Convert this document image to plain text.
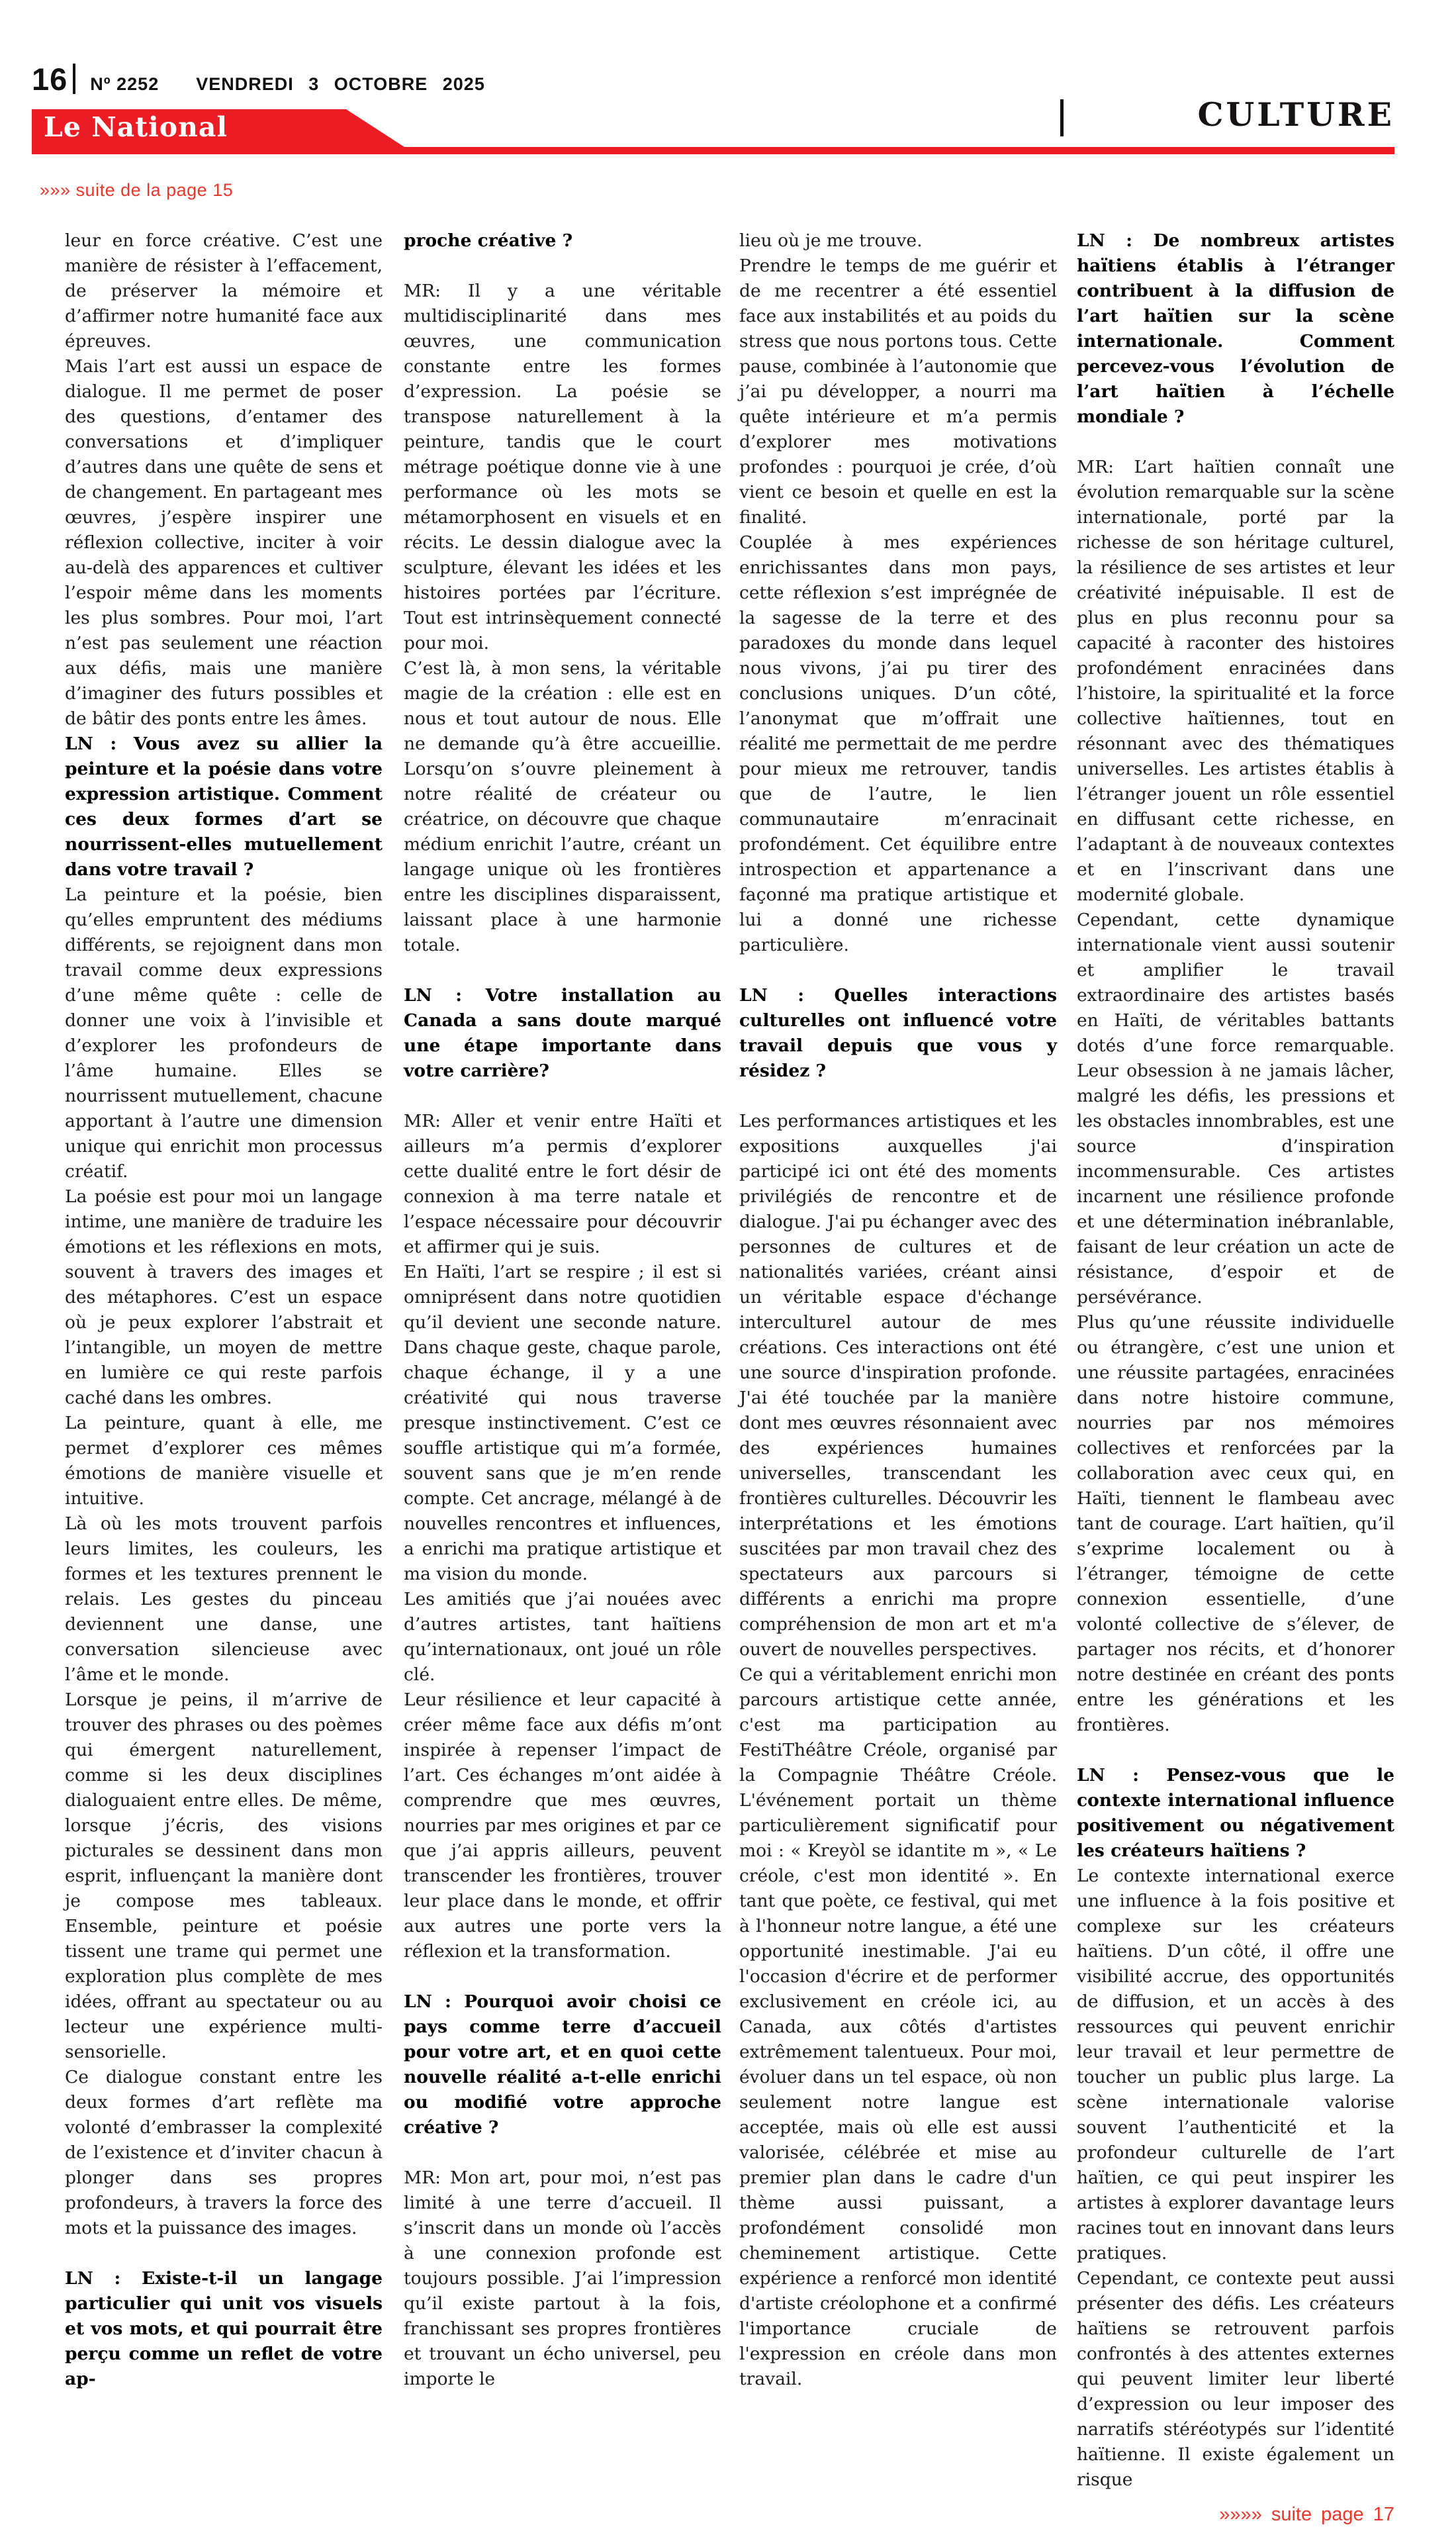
16 Nº 2252 VENDREDI 3 OCTOBRE 2025
CULTURE
Le National
»»» suite de la page 15

leur en force créative. C’est une manière de résister à l’effacement, de préserver la mémoire et d’affirmer notre humanité face aux épreuves.

Mais l’art est aussi un espace de dialogue. Il me permet de poser des questions, d’entamer des conversations et d’impliquer d’autres dans une quête de sens et de changement. En partageant mes œuvres, j’espère inspirer une réflexion collective, inciter à voir au-delà des apparences et cultiver l’espoir même dans les moments les plus sombres. Pour moi, l’art n’est pas seulement une réaction aux défis, mais une manière d’imaginer des futurs possibles et de bâtir des ponts entre les âmes.

LN : Vous avez su allier la peinture et la poésie dans votre expression artistique. Comment ces deux formes d’art se nourrissent-elles mutuellement dans votre travail ?

La peinture et la poésie, bien qu’elles empruntent des médiums différents, se rejoignent dans mon travail comme deux expressions d’une même quête : celle de donner une voix à l’invisible et d’explorer les profondeurs de l’âme humaine. Elles se nourrissent mutuellement, chacune apportant à l’autre une dimension unique qui enrichit mon processus créatif.

La poésie est pour moi un langage intime, une manière de traduire les émotions et les réflexions en mots, souvent à travers des images et des métaphores. C’est un espace où je peux explorer l’abstrait et l’intangible, un moyen de mettre en lumière ce qui reste parfois caché dans les ombres.

La peinture, quant à elle, me permet d’explorer ces mêmes émotions de manière visuelle et intuitive.

Là où les mots trouvent parfois leurs limites, les couleurs, les formes et les textures prennent le relais. Les gestes du pinceau deviennent une danse, une conversation silencieuse avec l’âme et le monde.

Lorsque je peins, il m’arrive de trouver des phrases ou des poèmes qui émergent naturellement, comme si les deux disciplines dialoguaient entre elles. De même, lorsque j’écris, des visions picturales se dessinent dans mon esprit, influençant la manière dont je compose mes tableaux. Ensemble, peinture et poésie tissent une trame qui permet une exploration plus complète de mes idées, offrant au spectateur ou au lecteur une expérience multi-sensorielle.

Ce dialogue constant entre les deux formes d’art reflète ma volonté d’embrasser la complexité de l’existence et d’inviter chacun à plonger dans ses propres profondeurs, à travers la force des mots et la puissance des images.

LN : Existe-t-il un langage particulier qui unit vos visuels et vos mots, et qui pourrait être perçu comme un reflet de votre ap-

proche créative ?

MR: Il y a une véritable multidisciplinarité dans mes œuvres, une communication constante entre les formes d’expression. La poésie se transpose naturellement à la peinture, tandis que le court métrage poétique donne vie à une performance où les mots se métamorphosent en visuels et en récits. Le dessin dialogue avec la sculpture, élevant les idées et les histoires portées par l’écriture. Tout est intrinsèquement connecté pour moi.

C’est là, à mon sens, la véritable magie de la création : elle est en nous et tout autour de nous. Elle ne demande qu’à être accueillie. Lorsqu’on s’ouvre pleinement à notre réalité de créateur ou créatrice, on découvre que chaque médium enrichit l’autre, créant un langage unique où les frontières entre les disciplines disparaissent, laissant place à une harmonie totale.

LN : Votre installation au Canada a sans doute marqué une étape importante dans votre carrière?

MR: Aller et venir entre Haïti et ailleurs m’a permis d’explorer cette dualité entre le fort désir de connexion à ma terre natale et l’espace nécessaire pour découvrir et affirmer qui je suis.

En Haïti, l’art se respire ; il est si omniprésent dans notre quotidien qu’il devient une seconde nature. Dans chaque geste, chaque parole, chaque échange, il y a une créativité qui nous traverse presque instinctivement. C’est ce souffle artistique qui m’a formée, souvent sans que je m’en rende compte. Cet ancrage, mélangé à de nouvelles rencontres et influences, a enrichi ma pratique artistique et ma vision du monde.

Les amitiés que j’ai nouées avec d’autres artistes, tant haïtiens qu’internationaux, ont joué un rôle clé.

Leur résilience et leur capacité à créer même face aux défis m’ont inspirée à repenser l’impact de l’art. Ces échanges m’ont aidée à comprendre que mes œuvres, nourries par mes origines et par ce que j’ai appris ailleurs, peuvent transcender les frontières, trouver leur place dans le monde, et offrir aux autres une porte vers la réflexion et la transformation.

LN : Pourquoi avoir choisi ce pays comme terre d’accueil pour votre art, et en quoi cette nouvelle réalité a-t-elle enrichi ou modifié votre approche créative ?

MR: Mon art, pour moi, n’est pas limité à une terre d’accueil. Il s’inscrit dans un monde où l’accès à une connexion profonde est toujours possible. J’ai l’impression qu’il existe partout à la fois, franchissant ses propres frontières et trouvant un écho universel, peu importe le

lieu où je me trouve.

Prendre le temps de me guérir et de me recentrer a été essentiel face aux instabilités et au poids du stress que nous portons tous. Cette pause, combinée à l’autonomie que j’ai pu développer, a nourri ma quête intérieure et m’a permis d’explorer mes motivations profondes : pourquoi je crée, d’où vient ce besoin et quelle en est la finalité.

Couplée à mes expériences enrichissantes dans mon pays, cette réflexion s’est imprégnée de la sagesse de la terre et des paradoxes du monde dans lequel nous vivons, j’ai pu tirer des conclusions uniques. D’un côté, l’anonymat que m’offrait une réalité me permettait de me perdre pour mieux me retrouver, tandis que de l’autre, le lien communautaire m’enracinait profondément. Cet équilibre entre introspection et appartenance a façonné ma pratique artistique et lui a donné une richesse particulière.

LN : Quelles interactions culturelles ont influencé votre travail depuis que vous y résidez ?

Les performances artistiques et les expositions auxquelles j'ai participé ici ont été des moments privilégiés de rencontre et de dialogue. J'ai pu échanger avec des personnes de cultures et de nationalités variées, créant ainsi un véritable espace d'échange interculturel autour de mes créations. Ces interactions ont été une source d'inspiration profonde. J'ai été touchée par la manière dont mes œuvres résonnaient avec des expériences humaines universelles, transcendant les frontières culturelles. Découvrir les interprétations et les émotions suscitées par mon travail chez des spectateurs aux parcours si différents a enrichi ma propre compréhension de mon art et m'a ouvert de nouvelles perspectives.

Ce qui a véritablement enrichi mon parcours artistique cette année, c'est ma participation au FestiThéâtre Créole, organisé par la Compagnie Théâtre Créole. L'événement portait un thème particulièrement significatif pour moi : « Kreyòl se idantite m », « Le créole, c'est mon identité ». En tant que poète, ce festival, qui met à l'honneur notre langue, a été une opportunité inestimable. J'ai eu l'occasion d'écrire et de performer exclusivement en créole ici, au Canada, aux côtés d'artistes extrêmement talentueux. Pour moi, évoluer dans un tel espace, où non seulement notre langue est acceptée, mais où elle est aussi valorisée, célébrée et mise au premier plan dans le cadre d'un thème aussi puissant, a profondément consolidé mon cheminement artistique. Cette expérience a renforcé mon identité d'artiste créolophone et a confirmé l'importance cruciale de l'expression en créole dans mon travail.

LN : De nombreux artistes haïtiens établis à l’étranger contribuent à la diffusion de l’art haïtien sur la scène internationale. Comment percevez-vous l’évolution de l’art haïtien à l’échelle mondiale ?

MR: L’art haïtien connaît une évolution remarquable sur la scène internationale, porté par la richesse de son héritage culturel, la résilience de ses artistes et leur créativité inépuisable. Il est de plus en plus reconnu pour sa capacité à raconter des histoires profondément enracinées dans l’histoire, la spiritualité et la force collective haïtiennes, tout en résonnant avec des thématiques universelles. Les artistes établis à l’étranger jouent un rôle essentiel en diffusant cette richesse, en l’adaptant à de nouveaux contextes et en l’inscrivant dans une modernité globale.

Cependant, cette dynamique internationale vient aussi soutenir et amplifier le travail extraordinaire des artistes basés en Haïti, de véritables battants dotés d’une force remarquable. Leur obsession à ne jamais lâcher, malgré les défis, les pressions et les obstacles innombrables, est une source d’inspiration incommensurable. Ces artistes incarnent une résilience profonde et une détermination inébranlable, faisant de leur création un acte de résistance, d’espoir et de persévérance.

Plus qu’une réussite individuelle ou étrangère, c’est une union et une réussite partagées, enracinées dans notre histoire commune, nourries par nos mémoires collectives et renforcées par la collaboration avec ceux qui, en Haïti, tiennent le flambeau avec tant de courage. L’art haïtien, qu’il s’exprime localement ou à l’étranger, témoigne de cette connexion essentielle, d’une volonté collective de s’élever, de partager nos récits, et d’honorer notre destinée en créant des ponts entre les générations et les frontières.

LN : Pensez-vous que le contexte international influence positivement ou négativement les créateurs haïtiens ?

Le contexte international exerce une influence à la fois positive et complexe sur les créateurs haïtiens. D’un côté, il offre une visibilité accrue, des opportunités de diffusion, et un accès à des ressources qui peuvent enrichir leur travail et leur permettre de toucher un public plus large. La scène internationale valorise souvent l’authenticité et la profondeur culturelle de l’art haïtien, ce qui peut inspirer les artistes à explorer davantage leurs racines tout en innovant dans leurs pratiques.

Cependant, ce contexte peut aussi présenter des défis. Les créateurs haïtiens se retrouvent parfois confrontés à des attentes externes qui peuvent limiter leur liberté d’expression ou leur imposer des narratifs stéréotypés sur l’identité haïtienne. Il existe également un risque

»»»» suite page 17
